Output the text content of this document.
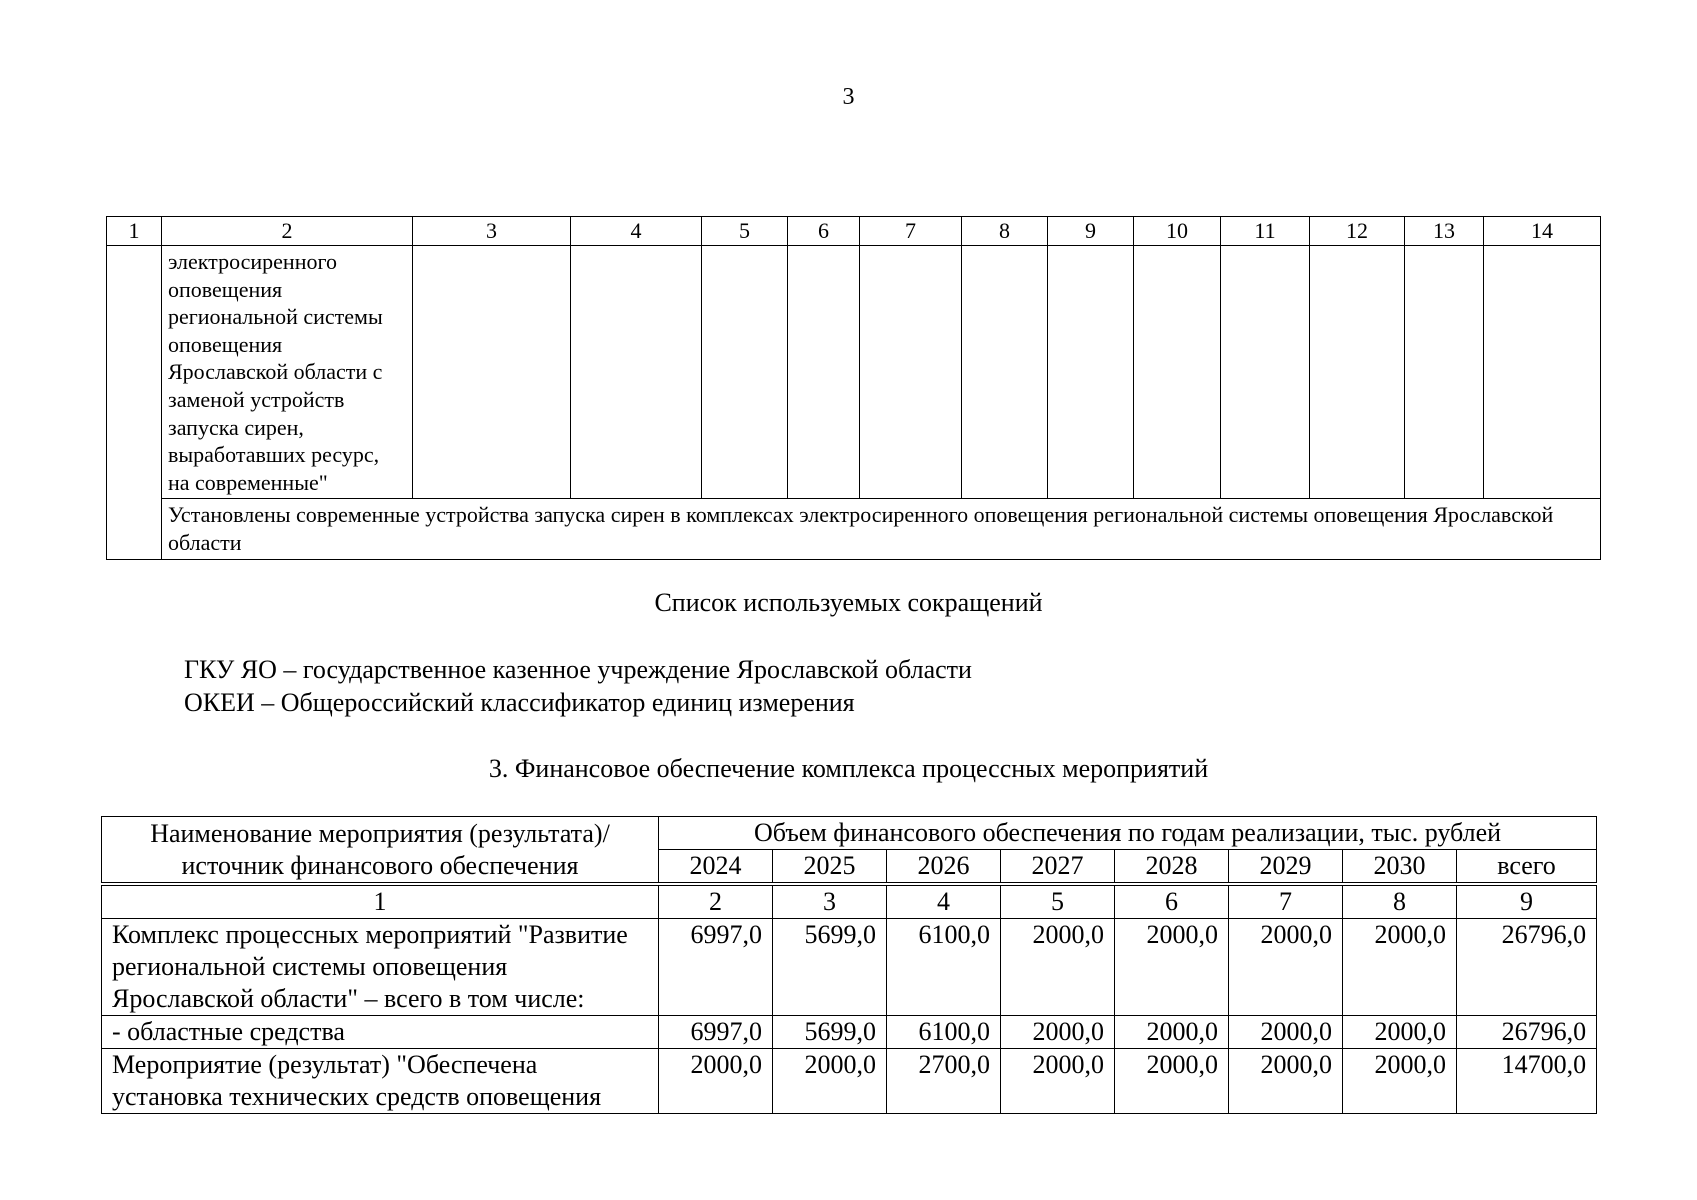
3
1	2	3	4	5	6	7	8	9	10	11	12	13	14
	электросиренного оповещения региональной системы оповещения Ярославской области с заменой устройств запуска сирен, выработавших ресурс, на современные"												
	Установлены современные устройства запуска сирен в комплексах электросиренного оповещения региональной системы оповещения Ярославской области												
Список используемых сокращений
ГКУ ЯО – государственное казенное учреждение Ярославской области
ОКЕИ – Общероссийский классификатор единиц измерения
3. Финансовое обеспечение комплекса процессных мероприятий
Наименование мероприятия (результата)/ источник финансового обеспечения	Объем финансового обеспечения по годам реализации, тыс. рублей							
	2024	2025	2026	2027	2028	2029	2030	всего

1	2	3	4	5	6	7	8	9
Комплекс процессных мероприятий "Развитие региональной системы оповещения Ярославской области" – всего в том числе:	6997,0	5699,0	6100,0	2000,0	2000,0	2000,0	2000,0	26796,0
- областные средства	6997,0	5699,0	6100,0	2000,0	2000,0	2000,0	2000,0	26796,0
Мероприятие (результат) "Обеспечена установка технических средств оповещения	2000,0	2000,0	2700,0	2000,0	2000,0	2000,0	2000,0	14700,0
